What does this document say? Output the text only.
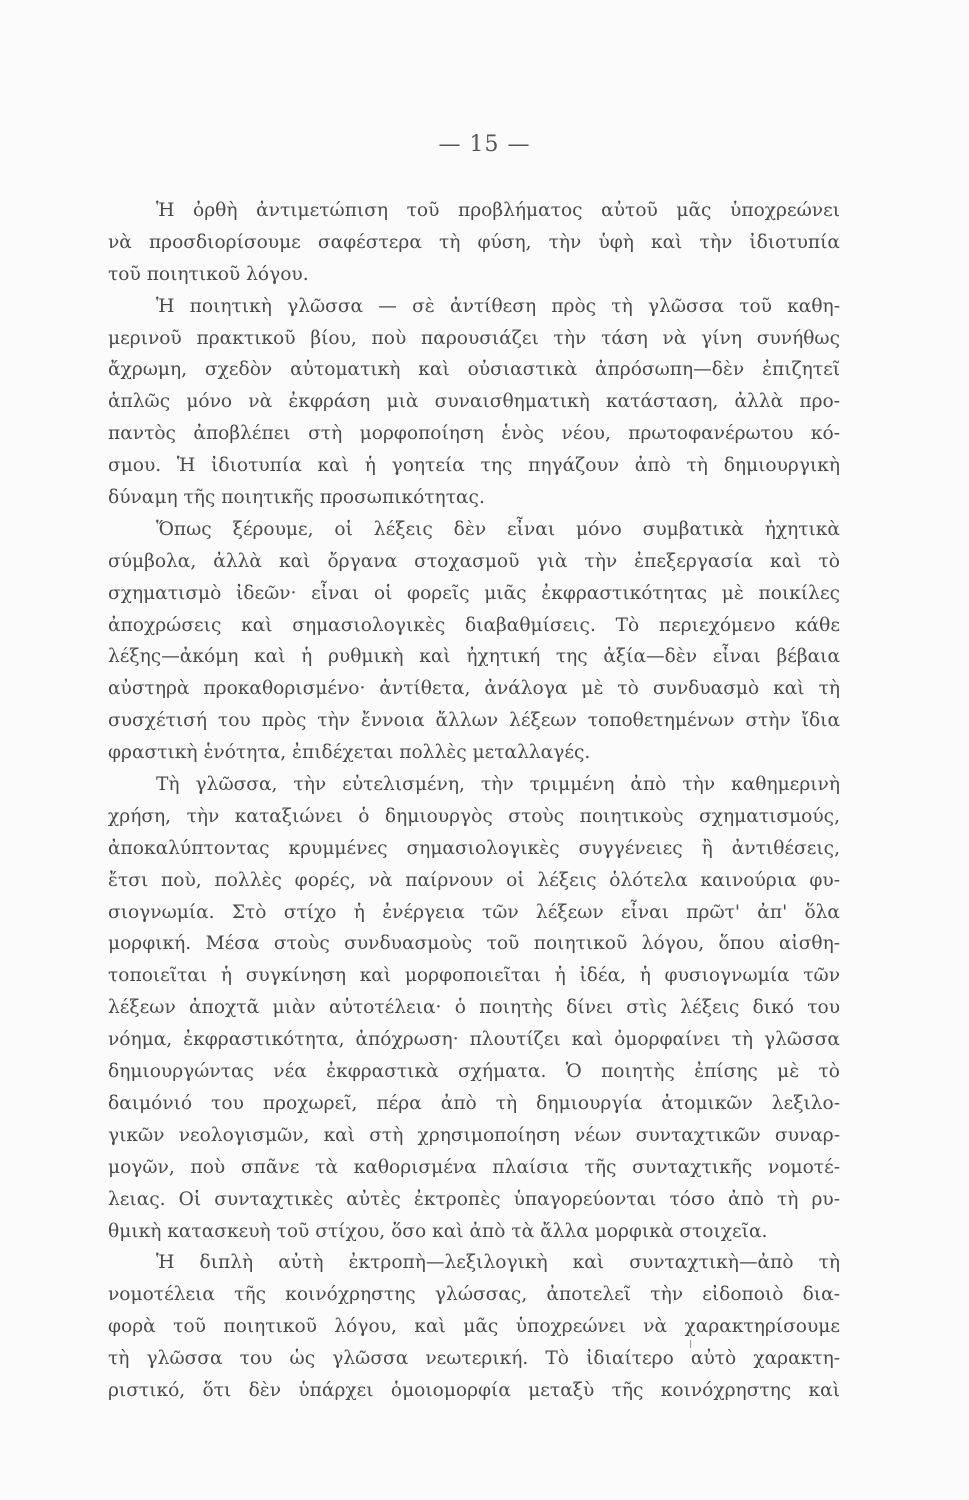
— 15 —
Ἡ ὀρθὴ ἀντιμετώπιση τοῦ προβλήματος αὐτοῦ μᾶς ὑποχρεώνει
νὰ προσδιορίσουμε σαφέστερα τὴ φύση, τὴν ὑφὴ καὶ τὴν ἰδιοτυπία
τοῦ ποιητικοῦ λόγου.
Ἡ ποιητικὴ γλῶσσα — σὲ ἀντίθεση πρὸς τὴ γλῶσσα τοῦ καθη-
μερινοῦ πρακτικοῦ βίου, ποὺ παρουσιάζει τὴν τάση νὰ γίνη συνήθως
ἄχρωμη, σχεδὸν αὐτοματικὴ καὶ οὐσιαστικὰ ἀπρόσωπη—δὲν ἐπιζητεῖ
ἁπλῶς μόνο νὰ ἐκφράση μιὰ συναισθηματικὴ κατάσταση, ἀλλὰ προ-
παντὸς ἀποβλέπει στὴ μορφοποίηση ἑνὸς νέου, πρωτοφανέρωτου κό-
σμου. Ἡ ἰδιοτυπία καὶ ἡ γοητεία της πηγάζουν ἀπὸ τὴ δημιουργικὴ
δύναμη τῆς ποιητικῆς προσωπικότητας.
Ὅπως ξέρουμε, οἱ λέξεις δὲν εἶναι μόνο συμβατικὰ ἠχητικὰ
σύμβολα, ἀλλὰ καὶ ὄργανα στοχασμοῦ γιὰ τὴν ἐπεξεργασία καὶ τὸ
σχηματισμὸ ἰδεῶν· εἶναι οἱ φορεῖς μιᾶς ἐκφραστικότητας μὲ ποικίλες
ἀποχρώσεις καὶ σημασιολογικὲς διαβαθμίσεις. Τὸ περιεχόμενο κάθε
λέξης—ἀκόμη καὶ ἡ ρυθμικὴ καὶ ἠχητική της ἀξία—δὲν εἶναι βέβαια
αὐστηρὰ προκαθορισμένο· ἀντίθετα, ἀνάλογα μὲ τὸ συνδυασμὸ καὶ τὴ
συσχέτισή του πρὸς τὴν ἔννοια ἄλλων λέξεων τοποθετημένων στὴν ἴδια
φραστικὴ ἑνότητα, ἐπιδέχεται πολλὲς μεταλλαγές.
Τὴ γλῶσσα, τὴν εὐτελισμένη, τὴν τριμμένη ἀπὸ τὴν καθημερινὴ
χρήση, τὴν καταξιώνει ὁ δημιουργὸς στοὺς ποιητικοὺς σχηματισμούς,
ἀποκαλύπτοντας κρυμμένες σημασιολογικὲς συγγένειες ἢ ἀντιθέσεις,
ἔτσι ποὺ, πολλὲς φορές, νὰ παίρνουν οἱ λέξεις ὁλότελα καινούρια φυ-
σιογνωμία. Στὸ στίχο ἡ ἐνέργεια τῶν λέξεων εἶναι πρῶτ' ἀπ' ὅλα
μορφική. Μέσα στοὺς συνδυασμοὺς τοῦ ποιητικοῦ λόγου, ὅπου αἰσθη-
τοποιεῖται ἡ συγκίνηση καὶ μορφοποιεῖται ἡ ἰδέα, ἡ φυσιογνωμία τῶν
λέξεων ἀποχτᾶ μιὰν αὐτοτέλεια· ὁ ποιητὴς δίνει στὶς λέξεις δικό του
νόημα, ἐκφραστικότητα, ἀπόχρωση· πλουτίζει καὶ ὀμορφαίνει τὴ γλῶσσα
δημιουργώντας νέα ἐκφραστικὰ σχήματα. Ὁ ποιητὴς ἐπίσης μὲ τὸ
δαιμόνιό του προχωρεῖ, πέρα ἀπὸ τὴ δημιουργία ἀτομικῶν λεξιλο-
γικῶν νεολογισμῶν, καὶ στὴ χρησιμοποίηση νέων συνταχτικῶν συναρ-
μογῶν, ποὺ σπᾶνε τὰ καθορισμένα πλαίσια τῆς συνταχτικῆς νομοτέ-
λειας. Οἱ συνταχτικὲς αὐτὲς ἐκτροπὲς ὑπαγορεύονται τόσο ἀπὸ τὴ ρυ-
θμικὴ κατασκευὴ τοῦ στίχου, ὅσο καὶ ἀπὸ τὰ ἄλλα μορφικὰ στοιχεῖα.
Ἡ διπλὴ αὐτὴ ἐκτροπὴ—λεξιλογικὴ καὶ συνταχτικὴ—ἀπὸ τὴ
νομοτέλεια τῆς κοινόχρηστης γλώσσας, ἀποτελεῖ τὴν εἰδοποιὸ δια-
φορὰ τοῦ ποιητικοῦ λόγου, καὶ μᾶς ὑποχρεώνει νὰ χαρακτηρίσουμε
τὴ γλῶσσα του ὡς γλῶσσα νεωτερική. Τὸ ἰδιαίτερο αὐτὸ χαρακτη-
ριστικό, ὅτι δὲν ὑπάρχει ὁμοιομορφία μεταξὺ τῆς κοινόχρηστης καὶ
